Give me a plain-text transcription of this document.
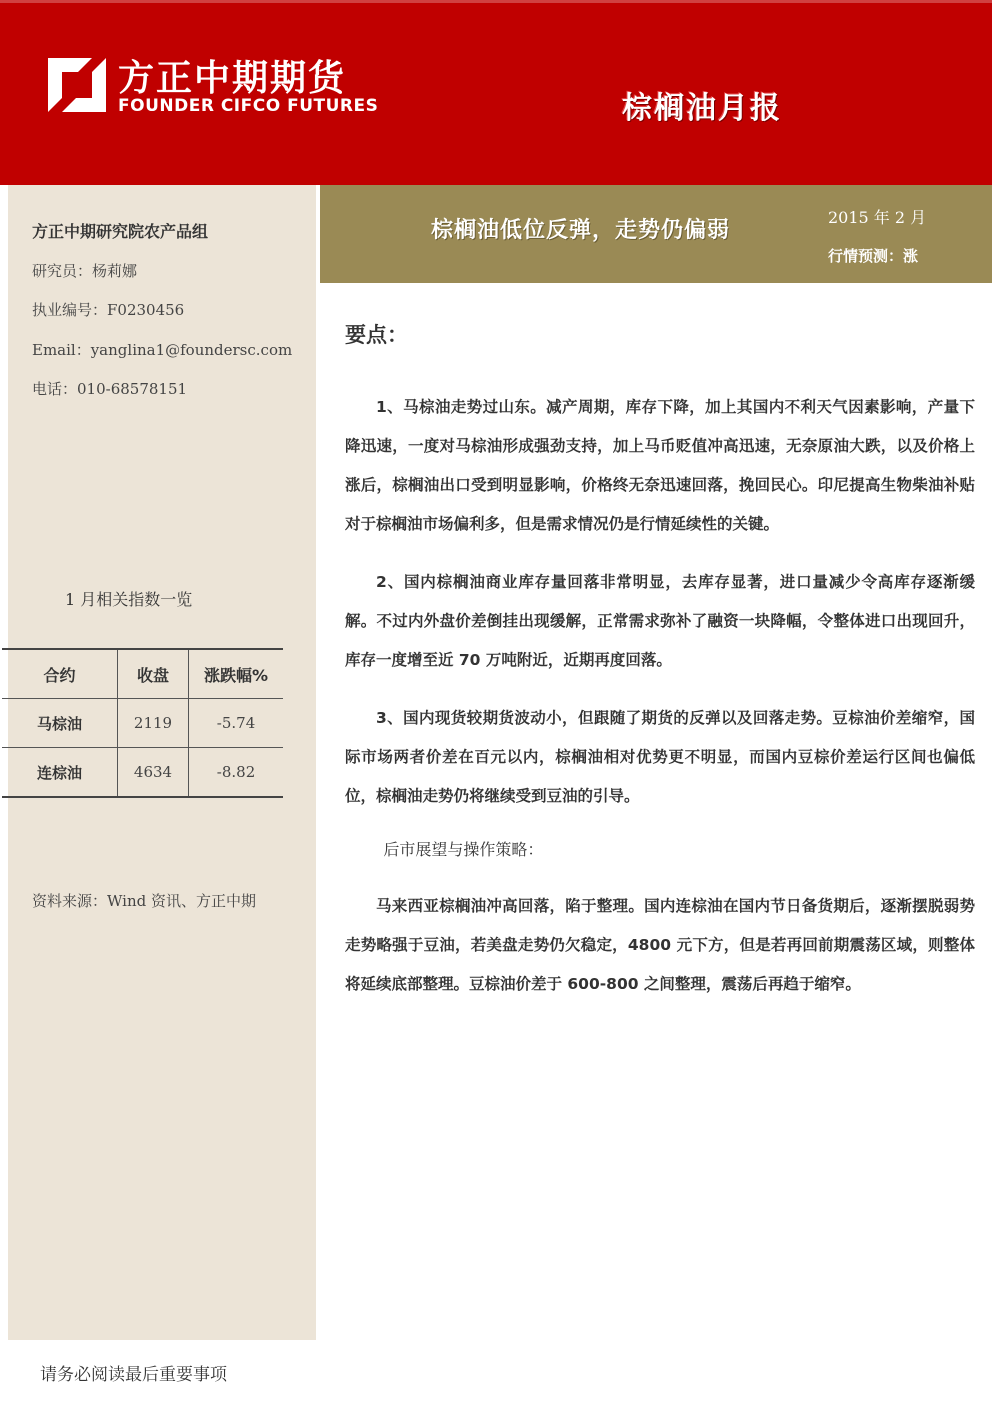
方正中期期货
FOUNDER CIFCO FUTURES	棕榈油月报
方正中期研究院农产品组
研究员：杨莉娜
执业编号：F0230456
Email：yanglina1@foundersc.com
电话：010-68578151
1 月相关指数一览
合约	收盘	涨跌幅%
马棕油	2119	-5.74
连棕油	4634	-8.82
资料来源：Wind 资讯、方正中期
请务必阅读最后重要事项
棕榈油低位反弹，走势仍偏弱
2015 年 2 月
行情预测：涨
要点：

1、马棕油走势过山东。减产周期，库存下降，加上其国内不利天气因素影响，产量下降迅速，一度对马棕油形成强劲支持，加上马币贬值冲高迅速，无奈原油大跌，以及价格上涨后，棕榈油出口受到明显影响，价格终无奈迅速回落，挽回民心。印尼提高生物柴油补贴对于棕榈油市场偏利多，但是需求情况仍是行情延续性的关键。

2、国内棕榈油商业库存量回落非常明显，去库存显著，进口量减少令高库存逐渐缓解。不过内外盘价差倒挂出现缓解，正常需求弥补了融资一块降幅，令整体进口出现回升，库存一度增至近 70 万吨附近，近期再度回落。

3、国内现货较期货波动小，但跟随了期货的反弹以及回落走势。豆棕油价差缩窄，国际市场两者价差在百元以内，棕榈油相对优势更不明显，而国内豆棕价差运行区间也偏低位，棕榈油走势仍将继续受到豆油的引导。

后市展望与操作策略：

马来西亚棕榈油冲高回落，陷于整理。国内连棕油在国内节日备货期后，逐渐摆脱弱势走势略强于豆油，若美盘走势仍欠稳定，4800 元下方，但是若再回前期震荡区域，则整体将延续底部整理。豆棕油价差于 600-800 之间整理，震荡后再趋于缩窄。
